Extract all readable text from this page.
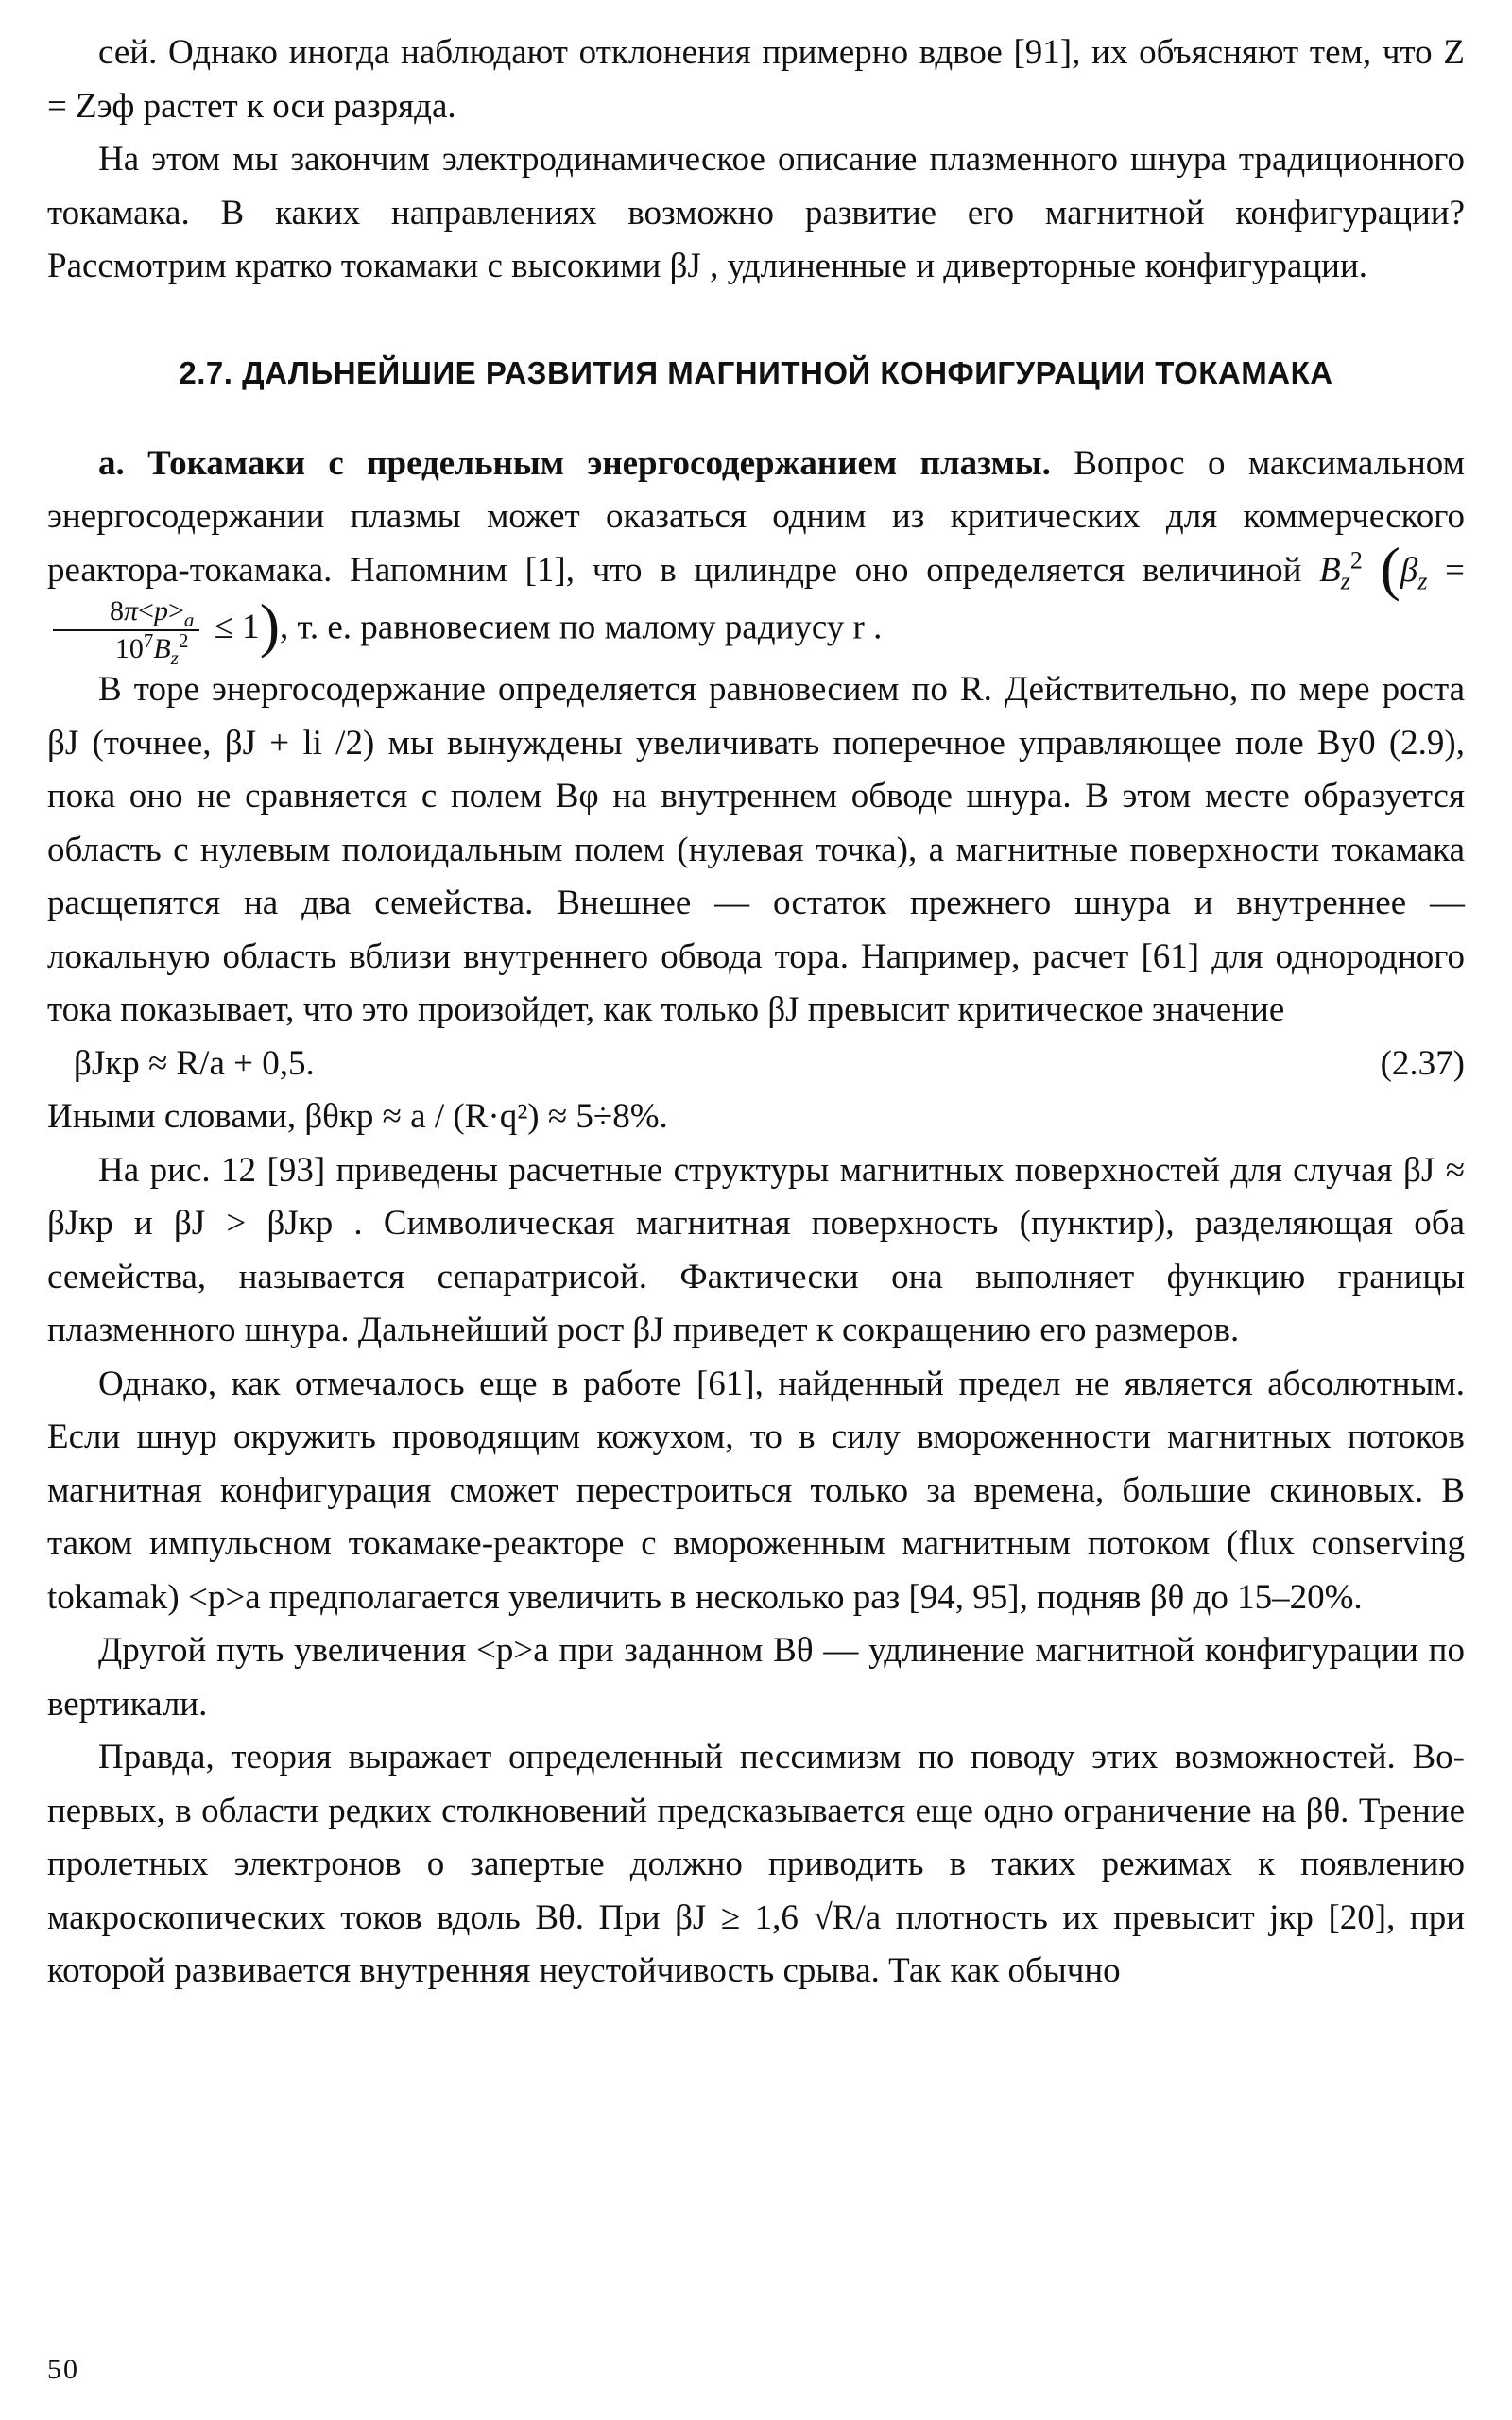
сей. Однако иногда наблюдают отклонения примерно вдвое [91], их объясняют тем, что Z = Zэф растет к оси разряда.

На этом мы закончим электродинамическое описание плазменного шнура традиционного токамака. В каких направлениях возможно развитие его магнитной конфигурации? Рассмотрим кратко токамаки с высокими βJ , удлиненные и диверторные конфигурации.

2.7. ДАЛЬНЕЙШИЕ РАЗВИТИЯ МАГНИТНОЙ КОНФИГУРАЦИИ ТОКАМАКА

а. Токамаки с предельным энергосодержанием плазмы. Вопрос о максимальном энергосодержании плазмы может оказаться одним из критических для коммерческого реактора-токамака. Напомним [1], что в цилиндре оно определяется величиной $B_z^2$ ($\beta_z$ =
$\frac{8\pi<p>_a}{10^7B_z^2} \le 1$), т. е. равновесием по малому радиусу r .

В торе энергосодержание определяется равновесием по R. Действительно, по мере роста βJ (точнее, βJ + li /2) мы вынуждены увеличивать поперечное управляющее поле By0 (2.9), пока оно не сравняется с полем Bφ на внутреннем обводе шнура. В этом месте образуется область с нулевым полоидальным полем (нулевая точка), а магнитные поверхности токамака расщепятся на два семейства. Внешнее — остаток прежнего шнура и внутреннее — локальную область вблизи внутреннего обвода тора. Например, расчет [61] для однородного тока показывает, что это произойдет, как только βJ превысит критическое значение

βJкр ≈ R/a + 0,5.	(2.37)

Иными словами, βθкр ≈ a / (R·q²) ≈ 5÷8%.

На рис. 12 [93] приведены расчетные структуры магнитных поверхностей для случая βJ ≈ βJкр и βJ > βJкр . Символическая магнитная поверхность (пунктир), разделяющая оба семейства, называется сепаратрисой. Фактически она выполняет функцию границы плазменного шнура. Дальнейший рост βJ приведет к сокращению его размеров.

Однако, как отмечалось еще в работе [61], найденный предел не является абсолютным. Если шнур окружить проводящим кожухом, то в силу вмороженности магнитных потоков магнитная конфигурация сможет перестроиться только за времена, большие скиновых. В таком импульсном токамаке-реакторе с вмороженным магнитным потоком (flux conserving tokamak) <p>a предполагается увеличить в несколько раз [94, 95], подняв βθ до 15–20%.

Другой путь увеличения <p>a при заданном Bθ — удлинение магнитной конфигурации по вертикали.

Правда, теория выражает определенный пессимизм по поводу этих возможностей. Во-первых, в области редких столкновений предсказывается еще одно ограничение на βθ. Трение пролетных электронов о запертые должно приводить в таких режимах к появлению макроскопических токов вдоль Bθ. При βJ ≥ 1,6 √R/a плотность их превысит jкр [20], при которой развивается внутренняя неустойчивость срыва. Так как обычно

50
